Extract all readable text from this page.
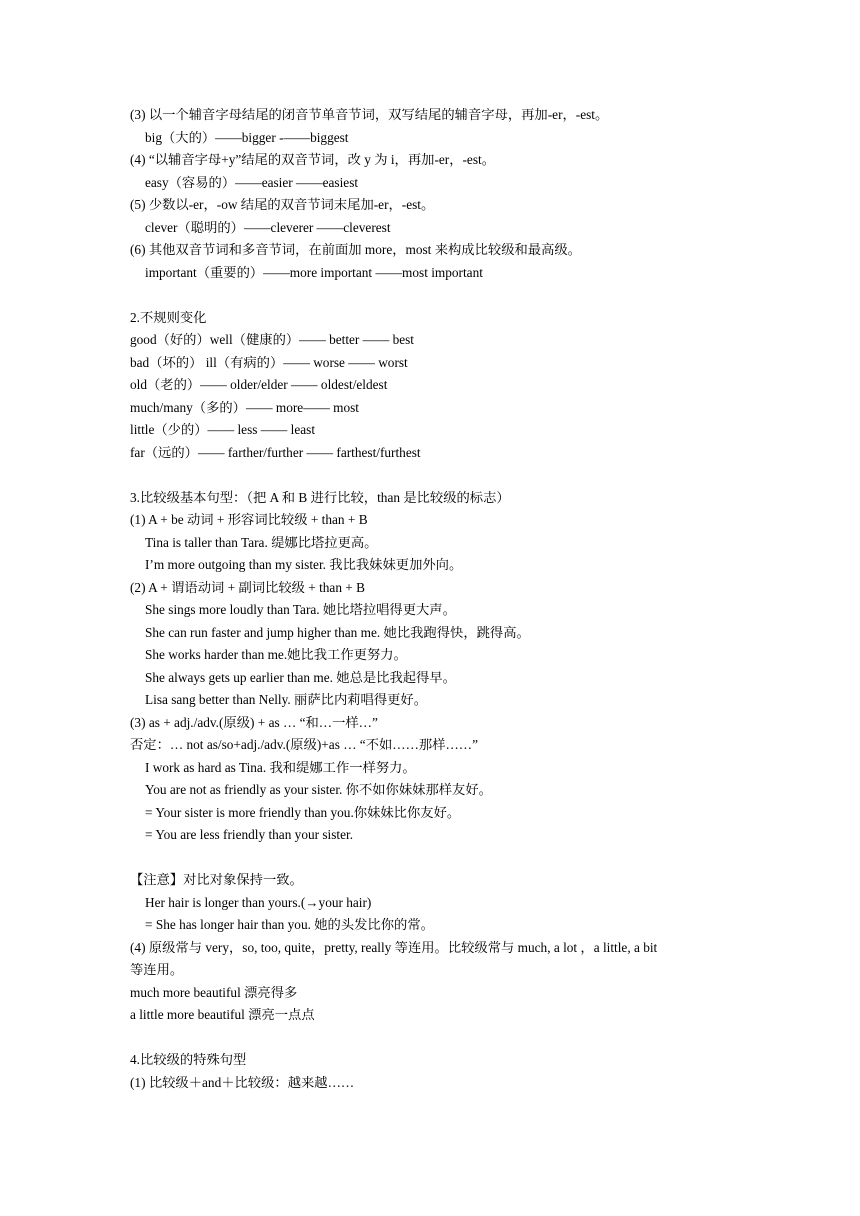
(3) 以一个辅音字母结尾的闭音节单音节词，双写结尾的辅音字母，再加-er，-est。
big（大的）——bigger -——biggest
(4) “以辅音字母+y”结尾的双音节词，改 y 为 i，再加-er，-est。
easy（容易的）——easier ——easiest
(5) 少数以-er，-ow 结尾的双音节词末尾加-er，-est。
clever（聪明的）——cleverer ——cleverest
(6) 其他双音节词和多音节词，在前面加 more，most 来构成比较级和最高级。
important（重要的）——more important ——most important
2.不规则变化
good（好的）well（健康的）—— better —— best
bad（坏的） ill（有病的）—— worse —— worst
old（老的）—— older/elder —— oldest/eldest
much/many（多的）—— more—— most
little（少的）—— less —— least
far（远的）—— farther/further —— farthest/furthest
3.比较级基本句型：（把 A 和 B 进行比较，than 是比较级的标志）
(1) A + be 动词 + 形容词比较级 + than + B
Tina is taller than Tara. 缇娜比塔拉更高。
I’m more outgoing than my sister. 我比我妹妹更加外向。
(2) A + 谓语动词 + 副词比较级 + than + B
She sings more loudly than Tara. 她比塔拉唱得更大声。
She can run faster and jump higher than me. 她比我跑得快，跳得高。
She works harder than me.她比我工作更努力。
She always gets up earlier than me. 她总是比我起得早。
Lisa sang better than Nelly. 丽萨比内莉唱得更好。
(3) as + adj./adv.(原级) + as … “和…一样…”
否定：… not as/so+adj./adv.(原级)+as … “不如……那样……”
I work as hard as Tina. 我和缇娜工作一样努力。
You are not as friendly as your sister. 你不如你妹妹那样友好。
= Your sister is more friendly than you.你妹妹比你友好。
= You are less friendly than your sister.
【注意】对比对象保持一致。
Her hair is longer than yours.(→your hair)
= She has longer hair than you. 她的头发比你的常。
(4) 原级常与 very，so, too, quite，pretty, really 等连用。比较级常与 much, a lot ，a little, a bit
等连用。
much more beautiful 漂亮得多
a little more beautiful 漂亮一点点
4.比较级的特殊句型
(1) 比较级＋and＋比较级：越来越……
